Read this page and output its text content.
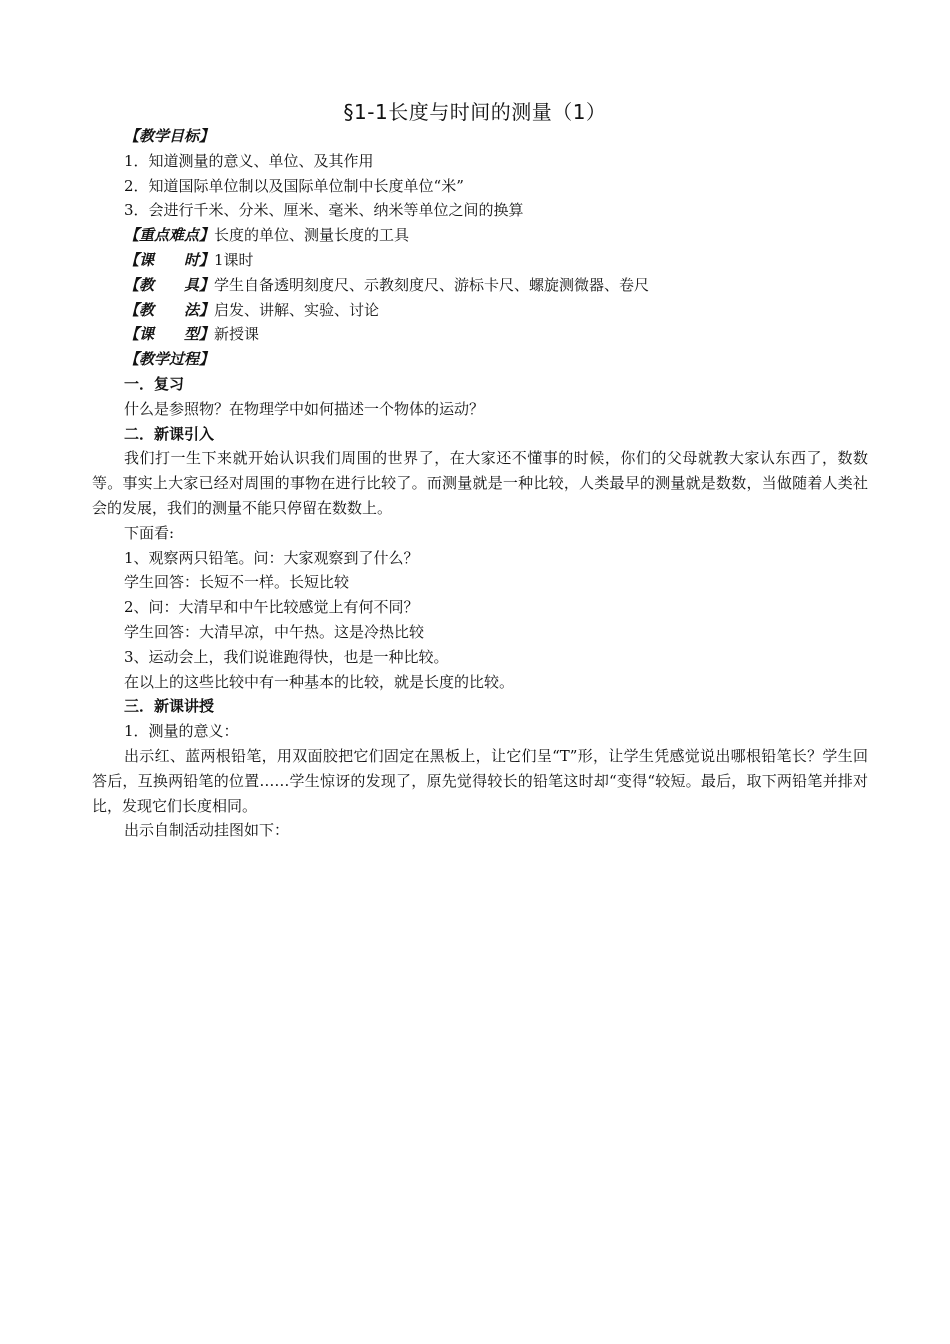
§1-1长度与时间的测量（1）
【教学目标】
1．知道测量的意义、单位、及其作用
2．知道国际单位制以及国际单位制中长度单位“米”
3．会进行千米、分米、厘米、毫米、纳米等单位之间的换算
【重点难点】长度的单位、测量长度的工具
【课　　时】1课时
【教　　具】学生自备透明刻度尺、示教刻度尺、游标卡尺、螺旋测微器、卷尺
【教　　法】启发、讲解、实验、讨论
【课　　型】新授课
【教学过程】
一．复习
什么是参照物？在物理学中如何描述一个物体的运动？
二．新课引入
我们打一生下来就开始认识我们周围的世界了，在大家还不懂事的时候，你们的父母就教大家认东西了，数数等。事实上大家已经对周围的事物在进行比较了。而测量就是一种比较，人类最早的测量就是数数，当做随着人类社会的发展，我们的测量不能只停留在数数上。
下面看:
1、观察两只铅笔。问：大家观察到了什么？
学生回答：长短不一样。长短比较
2、问：大清早和中午比较感觉上有何不同？
学生回答：大清早凉，中午热。这是冷热比较
3、运动会上，我们说谁跑得快，也是一种比较。
在以上的这些比较中有一种基本的比较，就是长度的比较。
三．新课讲授
1．测量的意义：
出示红、蓝两根铅笔，用双面胶把它们固定在黑板上，让它们呈“T”形，让学生凭感觉说出哪根铅笔长？学生回答后，互换两铅笔的位置……学生惊讶的发现了，原先觉得较长的铅笔这时却“变得“较短。最后，取下两铅笔并排对比，发现它们长度相同。
出示自制活动挂图如下：
